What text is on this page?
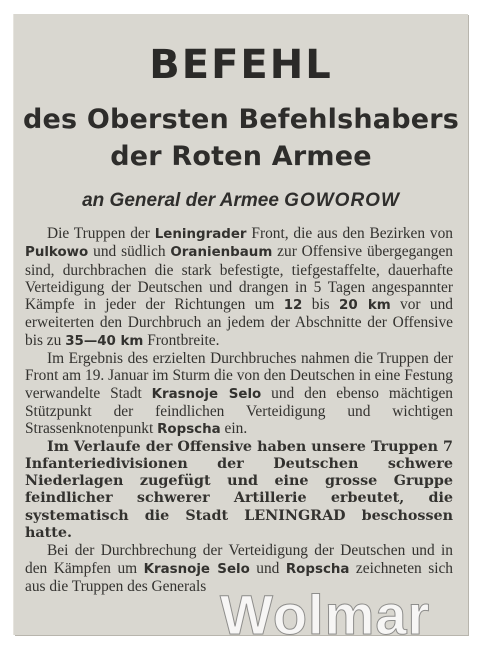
BEFEHL
des Obersten Befehlshabers
der Roten Armee
an General der Armee GOWOROW

Die Truppen der Leningrader Front, die aus den Bezirken von Pulkowo und südlich Oranienbaum zur Offensive übergegangen sind, durchbrachen die stark befestigte, tiefgestaffelte, dauerhafte Verteidigung der Deutschen und drangen in 5 Tagen angespannter Kämpfe in jeder der Richtungen um 12 bis 20 km vor und erweiterten den Durchbruch an jedem der Abschnitte der Offensive bis zu 35—40 km Frontbreite.

Im Ergebnis des erzielten Durchbruches nahmen die Truppen der Front am 19. Januar im Sturm die von den Deutschen in eine Festung verwandelte Stadt Krasnoje Selo und den ebenso mächtigen Stützpunkt der feindlichen Verteidigung und wichtigen Strassenknotenpunkt Ropscha ein.

Im Verlaufe der Offensive haben unsere Truppen 7 Infanteriedivisionen der Deutschen schwere Niederlagen zugefügt und eine grosse Gruppe feindlicher schwerer Artillerie erbeutet, die systematisch die Stadt LENINGRAD beschossen hatte.

Bei der Durchbrechung der Verteidigung der Deutschen und in den Kämpfen um Krasnoje Selo und Ropscha zeichneten sich aus die Truppen des Generals Wolmar
